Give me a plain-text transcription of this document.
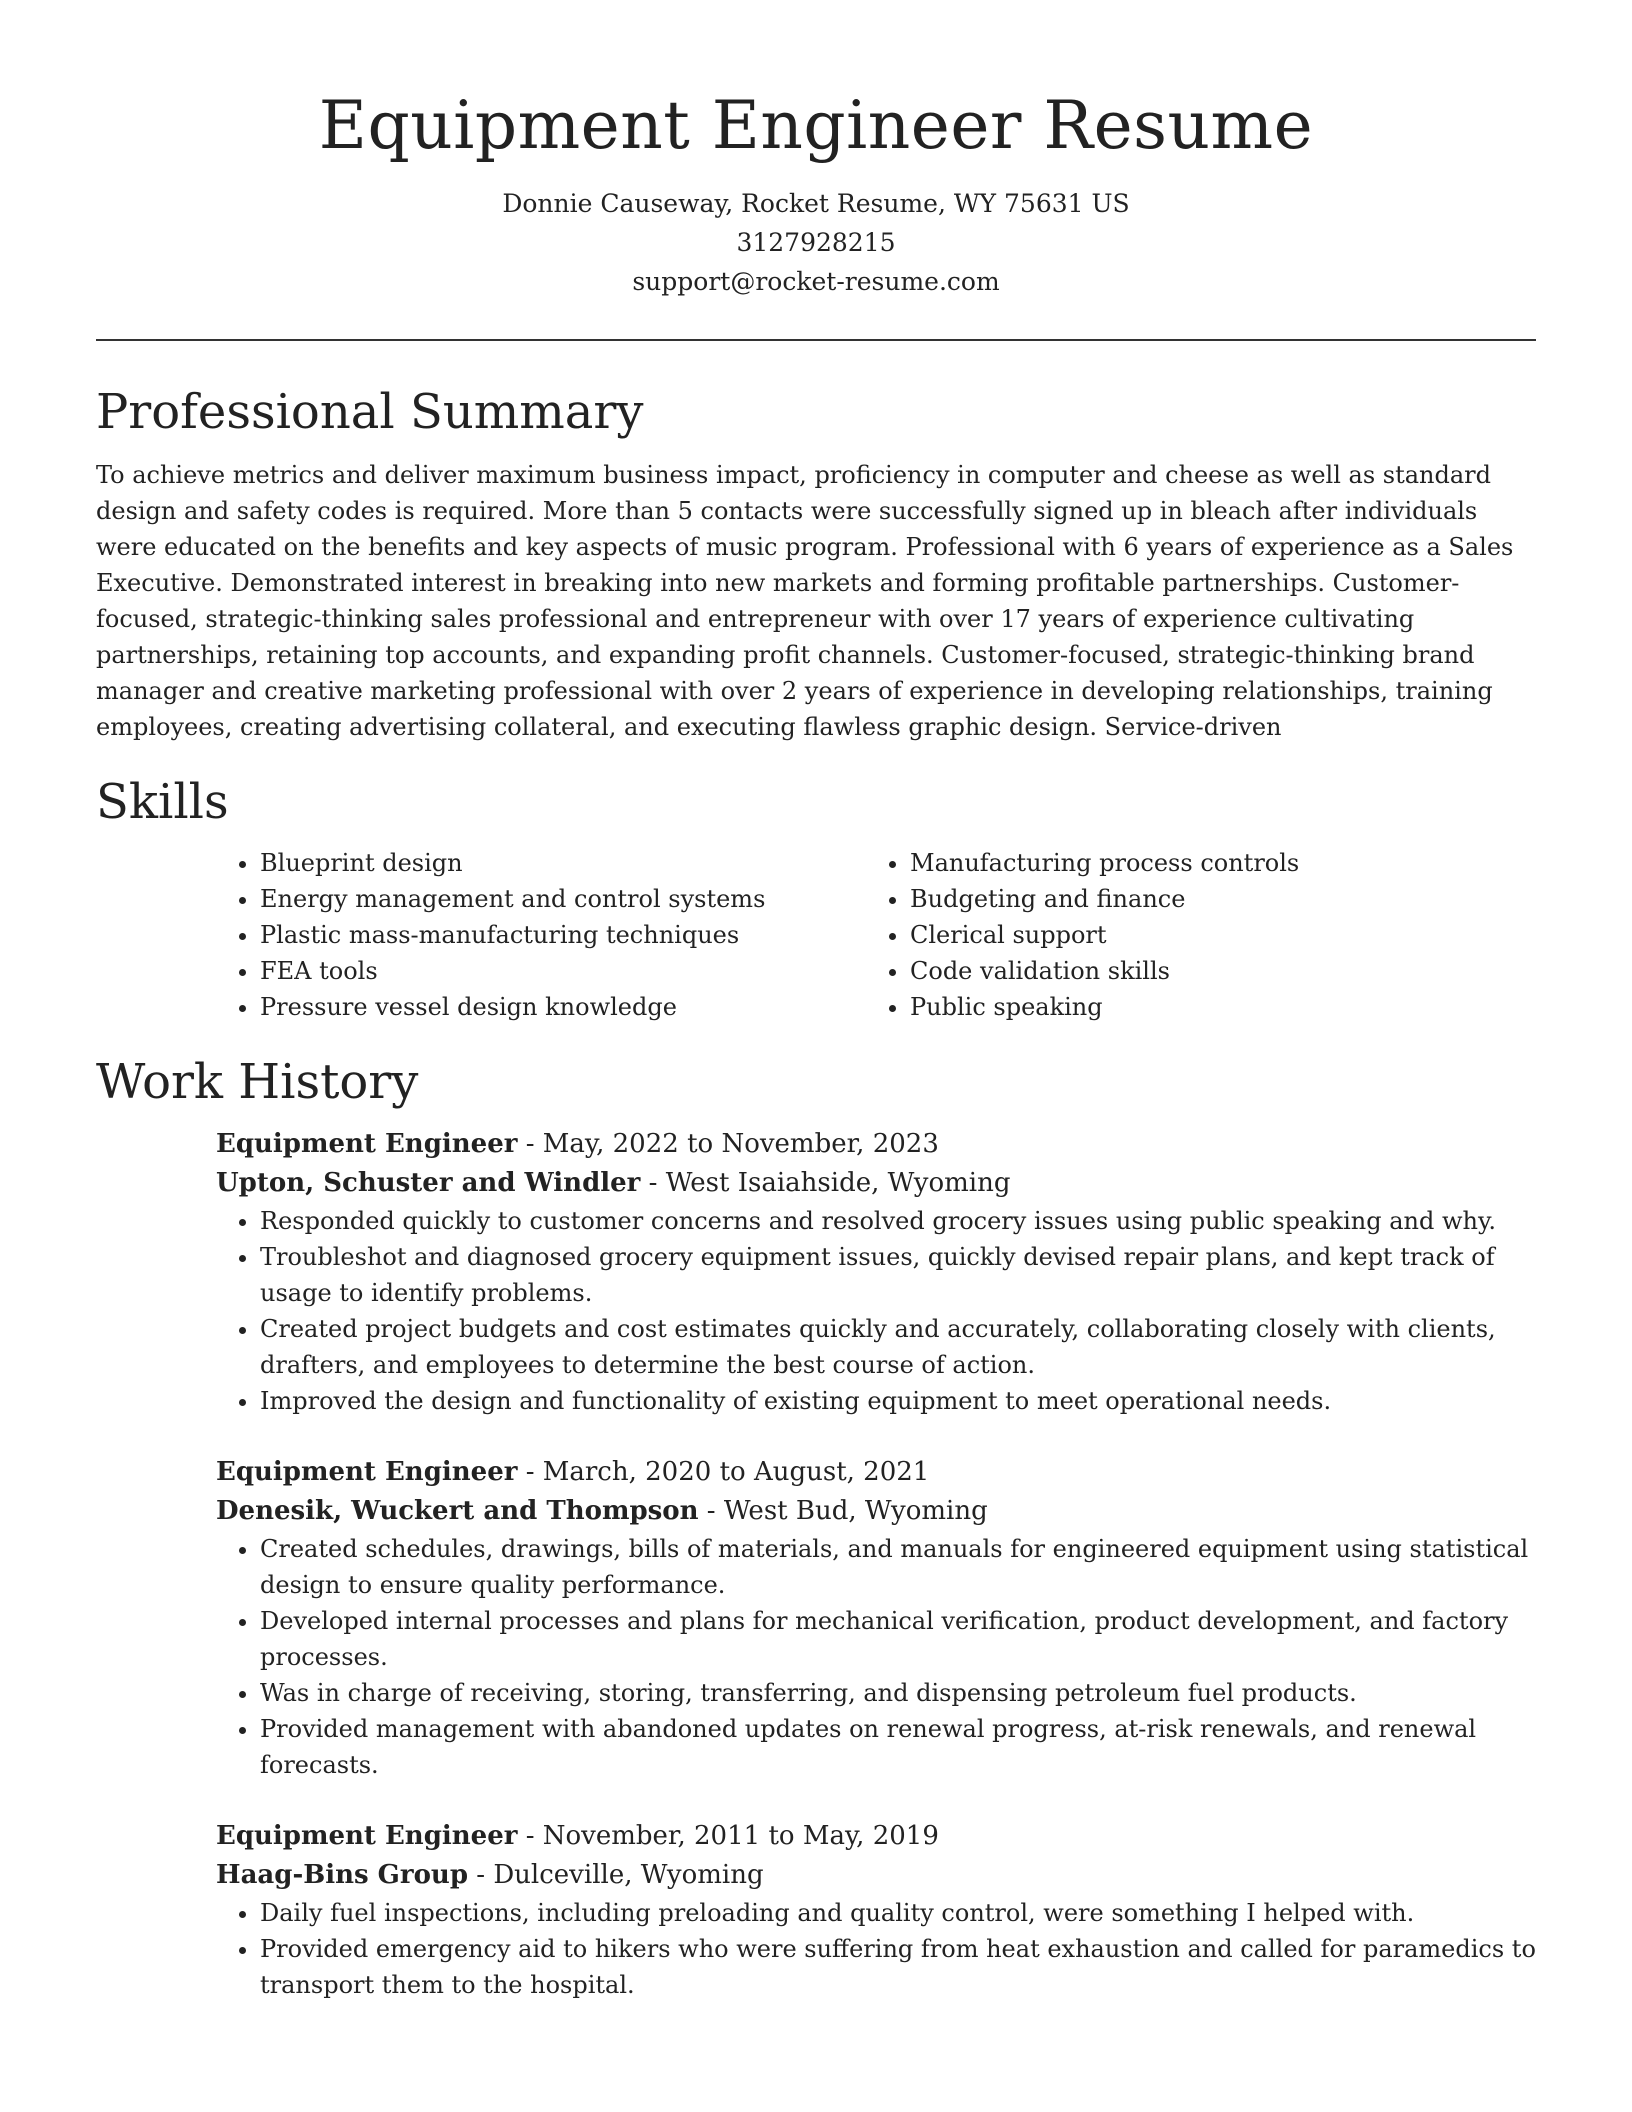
Equipment Engineer Resume

Donnie Causeway, Rocket Resume, WY 75631 US

3127928215

support@rocket-resume.com

Professional Summary

To achieve metrics and deliver maximum business impact, proficiency in computer and cheese as well as standard design and safety codes is required. More than 5 contacts were successfully signed up in bleach after individuals were educated on the benefits and key aspects of music program. Professional with 6 years of experience as a Sales Executive. Demonstrated interest in breaking into new markets and forming profitable partnerships. Customer-focused, strategic-thinking sales professional and entrepreneur with over 17 years of experience cultivating partnerships, retaining top accounts, and expanding profit channels. Customer-focused, strategic-thinking brand manager and creative marketing professional with over 2 years of experience in developing relationships, training employees, creating advertising collateral, and executing flawless graphic design. Service-driven

Skills
• Blueprint design
• Energy management and control systems
• Plastic mass-manufacturing techniques
• FEA tools
• Pressure vessel design knowledge
• Manufacturing process controls
• Budgeting and finance
• Clerical support
• Code validation skills
• Public speaking
Work History

Equipment Engineer - May, 2022 to November, 2023

Upton, Schuster and Windler - West Isaiahside, Wyoming

• Responded quickly to customer concerns and resolved grocery issues using public speaking and why.
• Troubleshot and diagnosed grocery equipment issues, quickly devised repair plans, and kept track of usage to identify problems.
• Created project budgets and cost estimates quickly and accurately, collaborating closely with clients, drafters, and employees to determine the best course of action.
• Improved the design and functionality of existing equipment to meet operational needs.

Equipment Engineer - March, 2020 to August, 2021

Denesik, Wuckert and Thompson - West Bud, Wyoming

• Created schedules, drawings, bills of materials, and manuals for engineered equipment using statistical design to ensure quality performance.
• Developed internal processes and plans for mechanical verification, product development, and factory processes.
• Was in charge of receiving, storing, transferring, and dispensing petroleum fuel products.
• Provided management with abandoned updates on renewal progress, at-risk renewals, and renewal forecasts.

Equipment Engineer - November, 2011 to May, 2019

Haag-Bins Group - Dulceville, Wyoming

• Daily fuel inspections, including preloading and quality control, were something I helped with.
• Provided emergency aid to hikers who were suffering from heat exhaustion and called for paramedics to transport them to the hospital.
